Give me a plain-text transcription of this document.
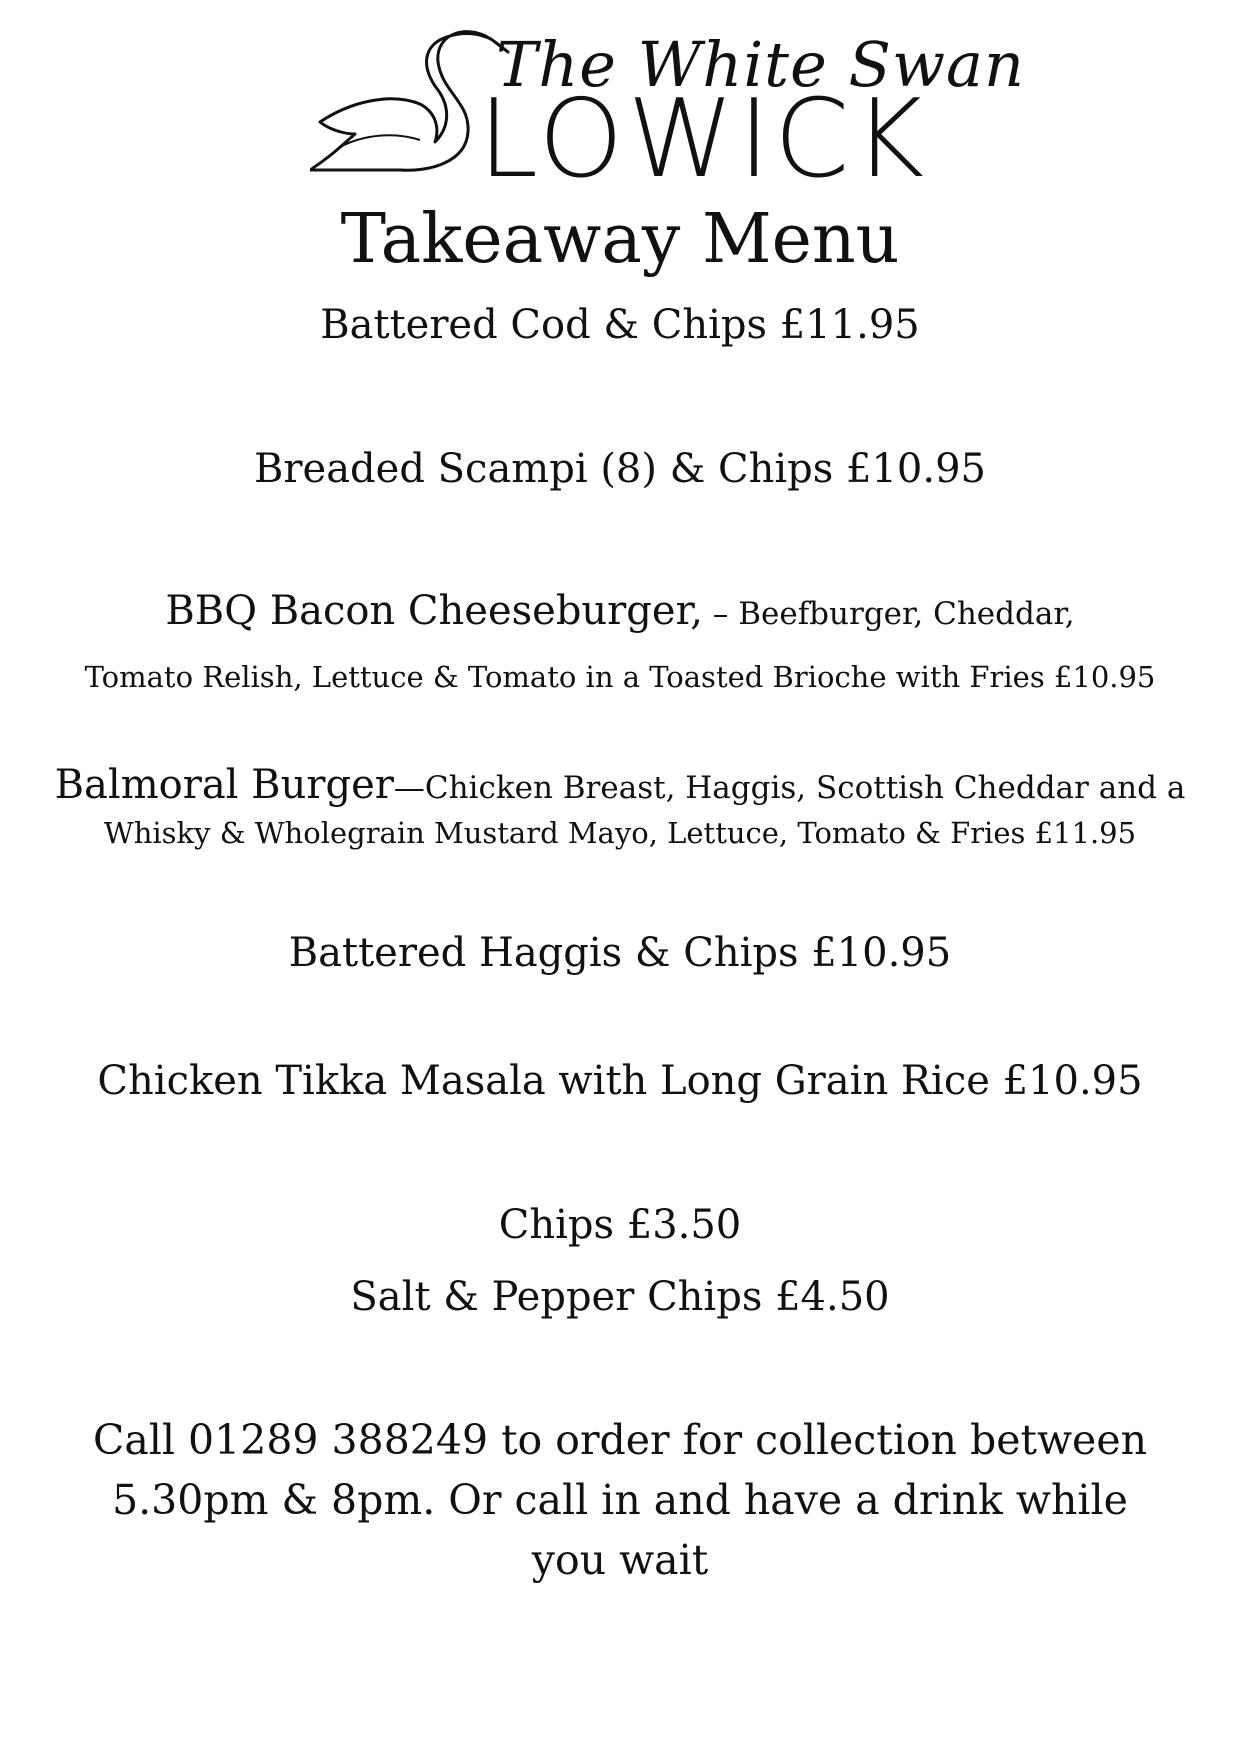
The White Swan
LOWICK
Takeaway Menu
Battered Cod & Chips £11.95
Breaded Scampi (8) & Chips £10.95
BBQ Bacon Cheeseburger, – Beefburger, Cheddar,
Tomato Relish, Lettuce & Tomato in a Toasted Brioche with Fries £10.95
Balmoral Burger—Chicken Breast, Haggis, Scottish Cheddar and a
Whisky & Wholegrain Mustard Mayo, Lettuce, Tomato & Fries £11.95
Battered Haggis & Chips £10.95
Chicken Tikka Masala with Long Grain Rice £10.95
Chips £3.50
Salt & Pepper Chips £4.50
Call 01289 388249 to order for collection between
5.30pm & 8pm. Or call in and have a drink while
you wait
